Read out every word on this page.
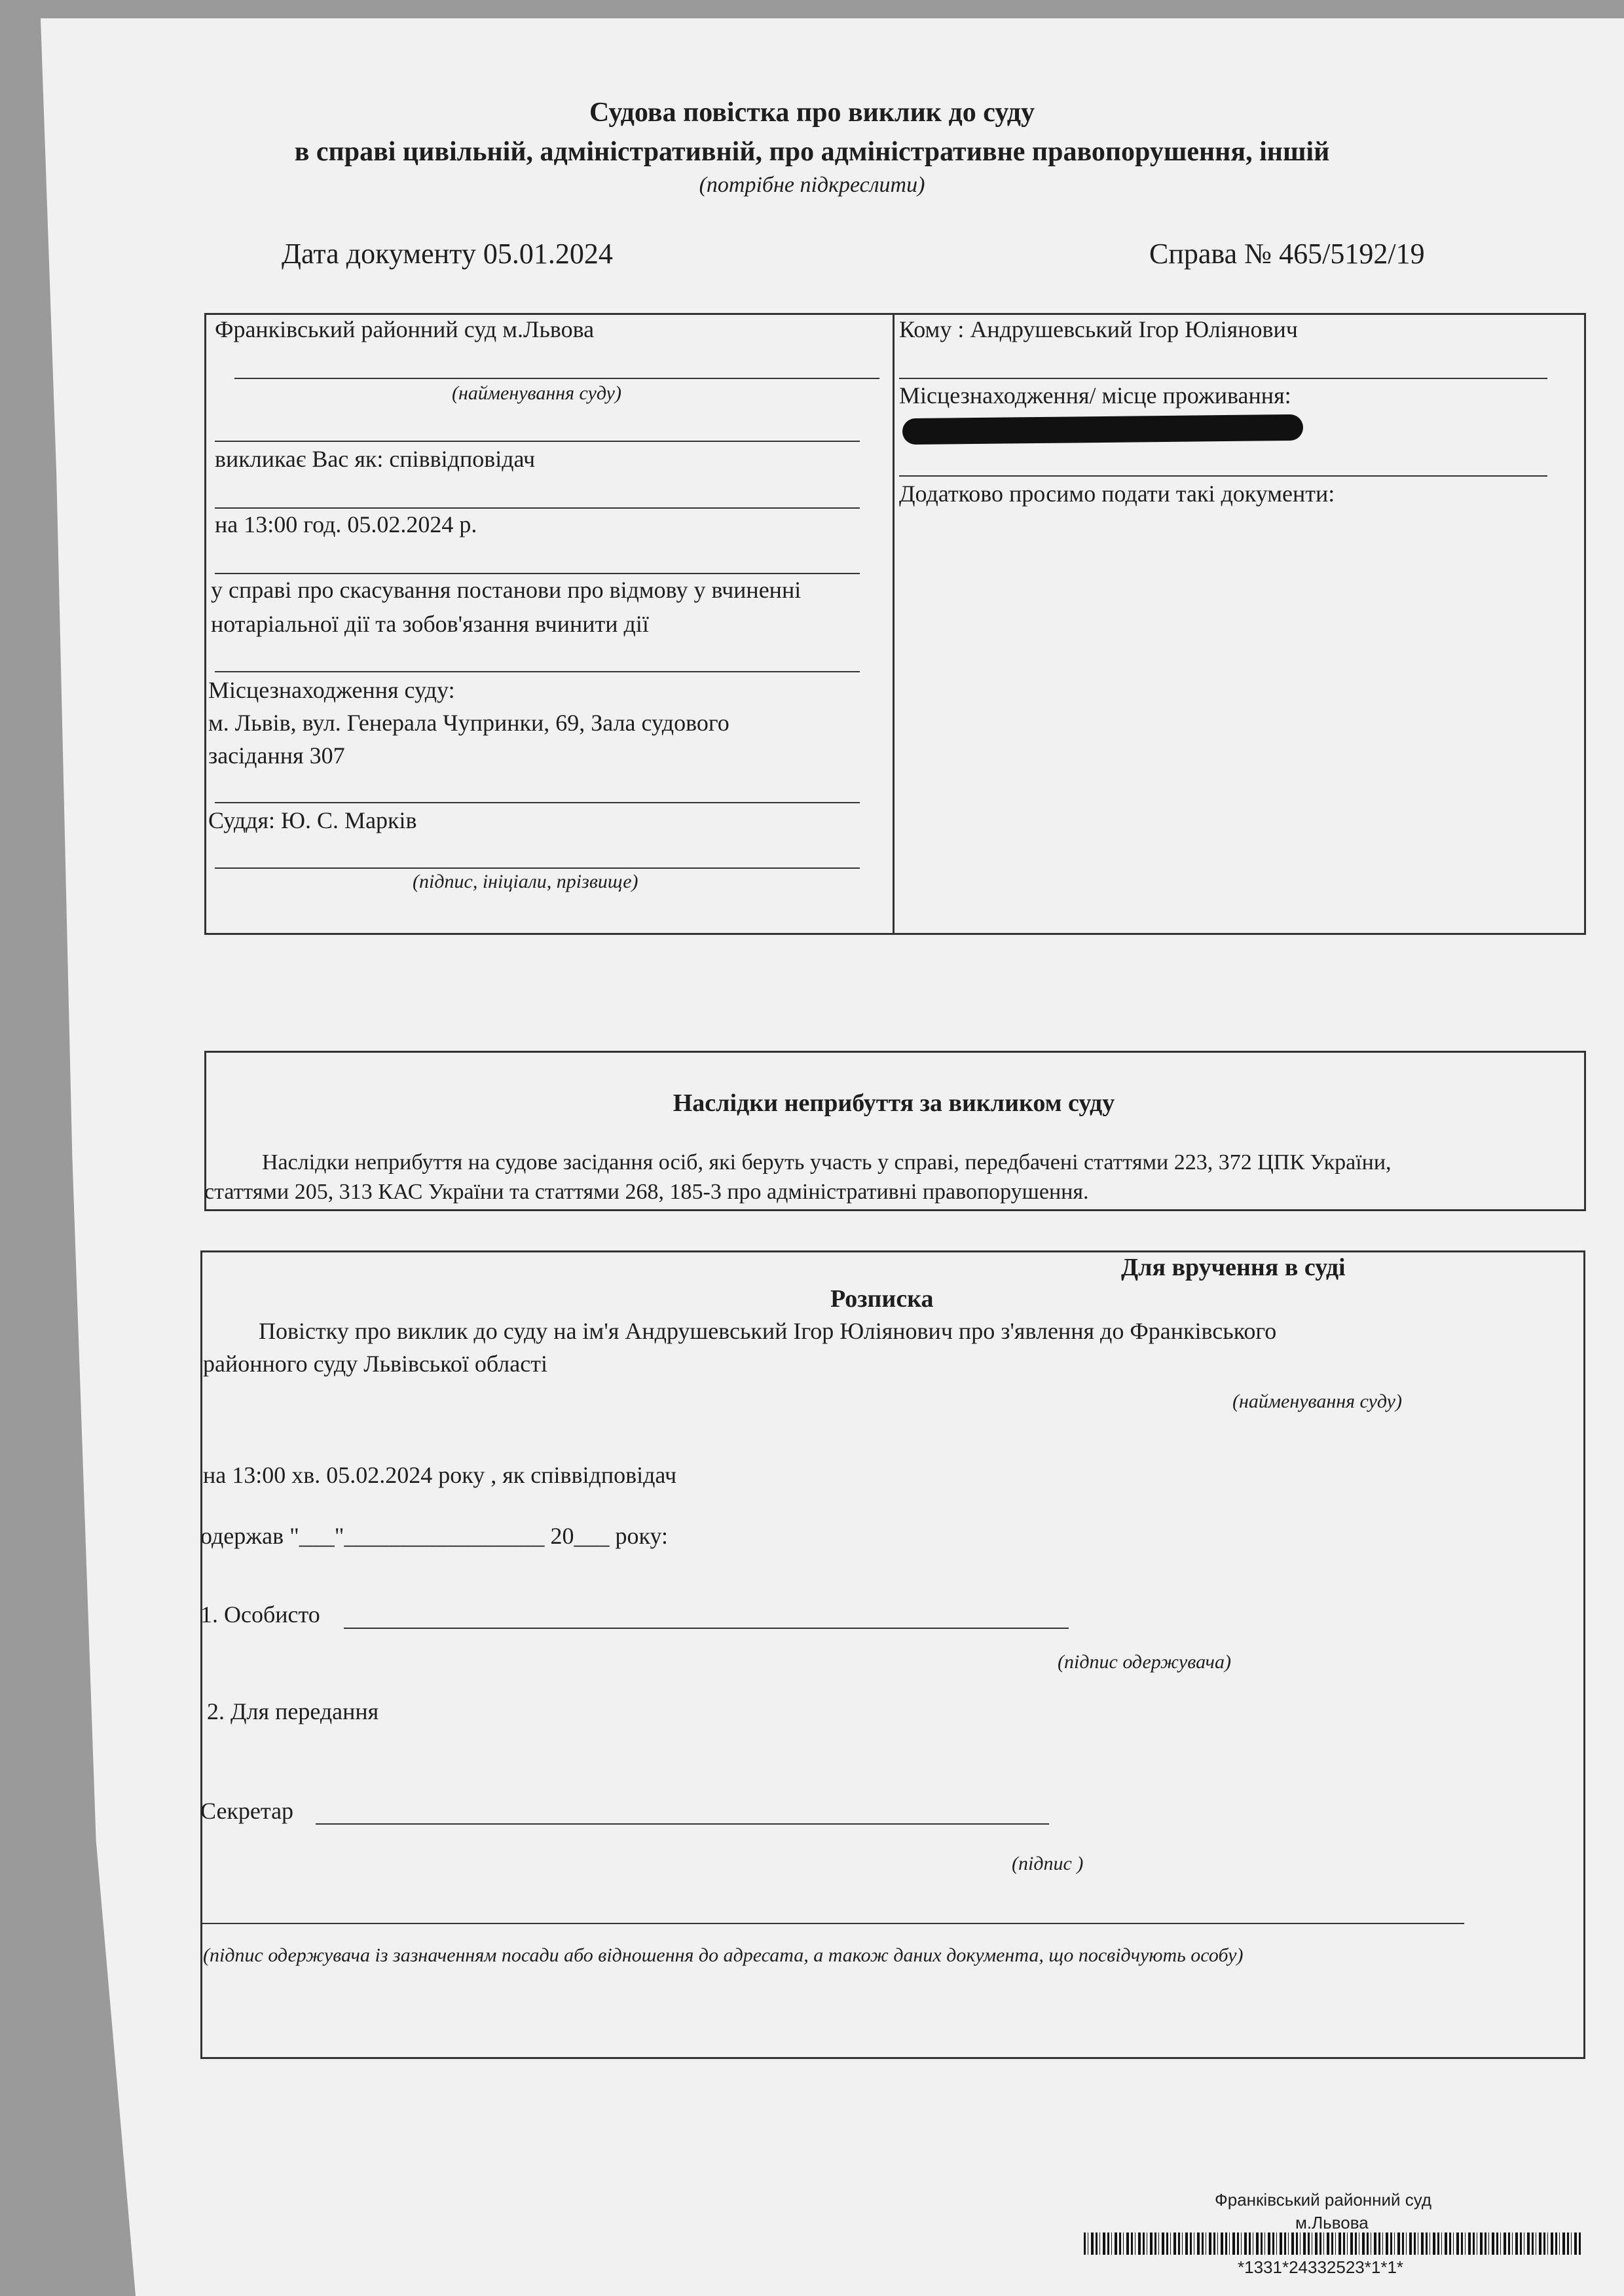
Судова повістка про виклик до суду
в справі цивільній, адміністративній, про адміністративне правопорушення, іншій
(потрібне підкреслити)
Дата документу 05.01.2024	Справа № 465/5192/19
Франківський районний суд м.Львова
(найменування суду)
викликає Вас як: співвідповідач
на 13:00 год. 05.02.2024 р.
у справі про скасування постанови про відмову у вчиненні
нотаріальної дії та зобов'язання вчинити дії
Місцезнаходження суду:
м. Львів, вул. Генерала Чупринки, 69, Зала судового
засідання 307
Суддя: Ю. С. Марків
(підпис, ініціали, прізвище)
Кому : Андрушевський Ігор Юліянович
Місцезнаходження/ місце проживання:
Додатково просимо подати такі документи:
Наслідки неприбуття за викликом суду
Наслідки неприбуття на судове засідання осіб, які беруть участь у справі, передбачені статтями 223, 372 ЦПК України,
статтями 205, 313 КАС України та статтями 268, 185-3 про адміністративні правопорушення.
Для вручення в суді
Розписка
Повістку про виклик до суду на ім'я Андрушевський Ігор Юліянович про з'явлення до Франківського
районного суду Львівської області
(найменування суду)
на 13:00 хв. 05.02.2024 року , як співвідповідач
одержав "___"_________________ 20___ року:
1. Особисто
(підпис одержувача)
2. Для передання
Секретар
(підпис )
(підпис одержувача із зазначенням посади або відношення до адресата, а також даних документа, що посвідчують особу)
Франківський районний суд
м.Львова
*1331*24332523*1*1*
